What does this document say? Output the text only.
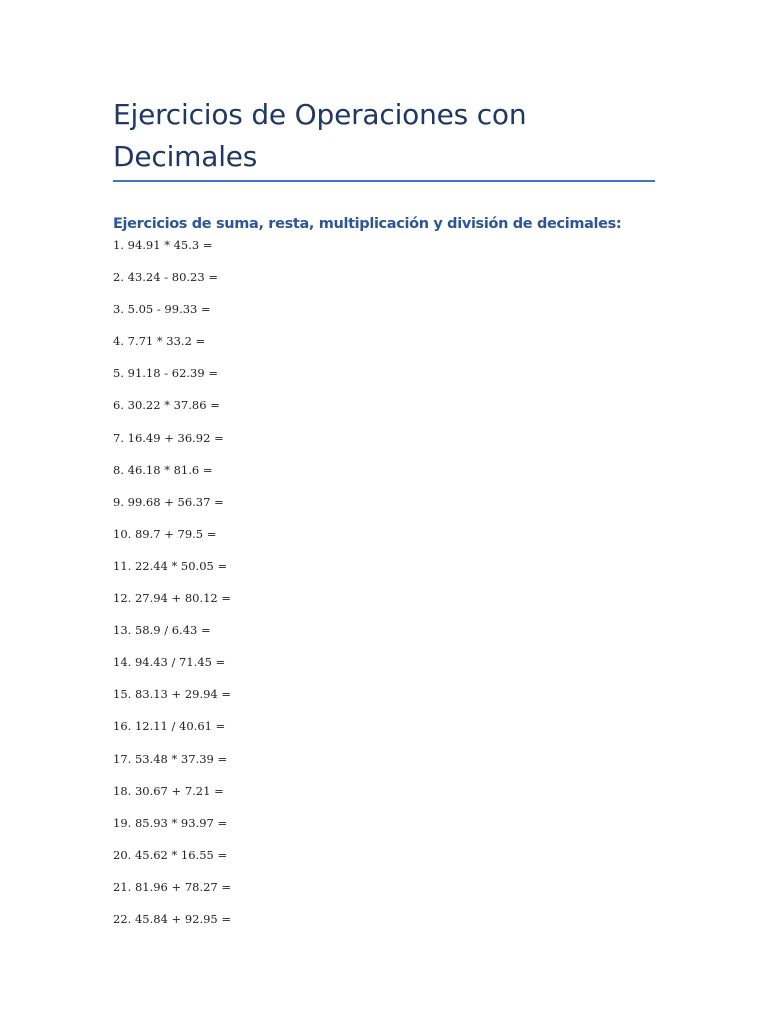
Ejercicios de Operaciones con Decimales
Ejercicios de suma, resta, multiplicación y división de decimales:
1. 94.91 * 45.3 =
2. 43.24 - 80.23 =
3. 5.05 - 99.33 =
4. 7.71 * 33.2 =
5. 91.18 - 62.39 =
6. 30.22 * 37.86 =
7. 16.49 + 36.92 =
8. 46.18 * 81.6 =
9. 99.68 + 56.37 =
10. 89.7 + 79.5 =
11. 22.44 * 50.05 =
12. 27.94 + 80.12 =
13. 58.9 / 6.43 =
14. 94.43 / 71.45 =
15. 83.13 + 29.94 =
16. 12.11 / 40.61 =
17. 53.48 * 37.39 =
18. 30.67 + 7.21 =
19. 85.93 * 93.97 =
20. 45.62 * 16.55 =
21. 81.96 + 78.27 =
22. 45.84 + 92.95 =
